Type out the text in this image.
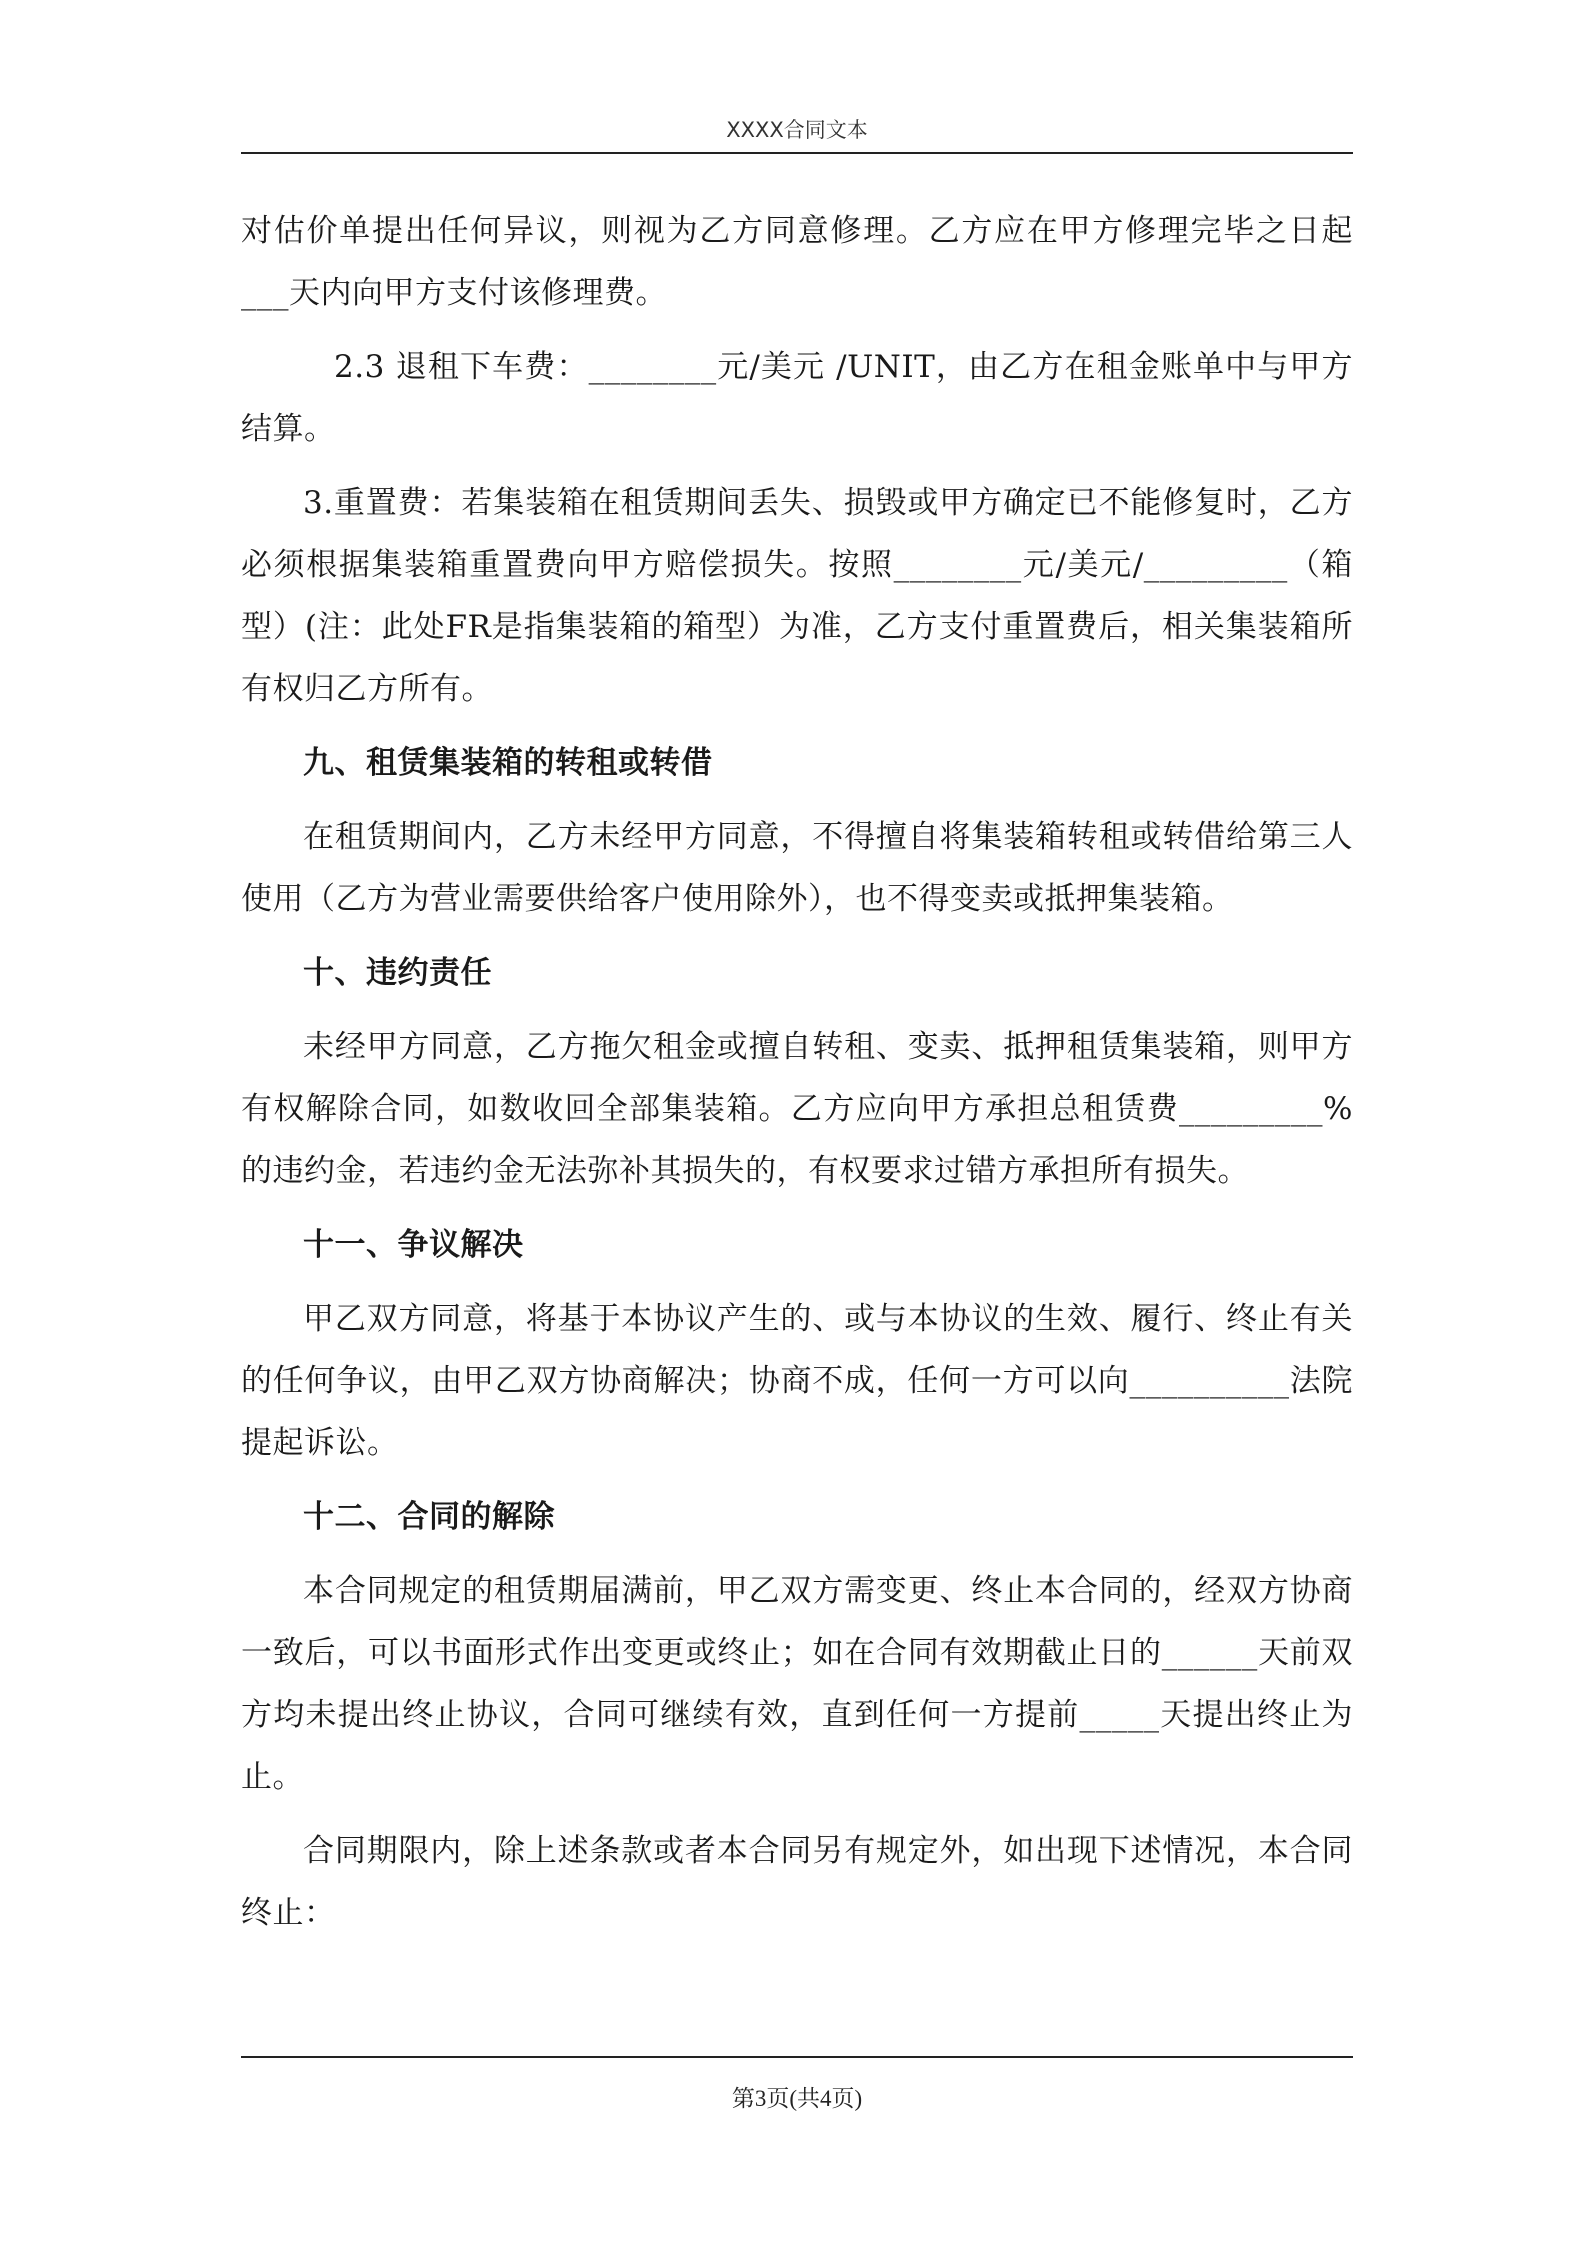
XXXX合同文本

对估价单提出任何异议，则视为乙方同意修理。乙方应在甲方修理完毕之日起___天内向甲方支付该修理费。

2.3 退租下车费：________元/美元 /UNIT，由乙方在租金账单中与甲方结算。

3.重置费：若集装箱在租赁期间丢失、损毁或甲方确定已不能修复时，乙方必须根据集装箱重置费向甲方赔偿损失。按照________元/美元/_________（箱型）(注：此处FR是指集装箱的箱型）为准，乙方支付重置费后，相关集装箱所有权归乙方所有。

九、租赁集装箱的转租或转借

在租赁期间内，乙方未经甲方同意，不得擅自将集装箱转租或转借给第三人使用（乙方为营业需要供给客户使用除外），也不得变卖或抵押集装箱。

十、违约责任

未经甲方同意，乙方拖欠租金或擅自转租、变卖、抵押租赁集装箱，则甲方有权解除合同，如数收回全部集装箱。乙方应向甲方承担总租赁费_________%的违约金，若违约金无法弥补其损失的，有权要求过错方承担所有损失。

十一、争议解决

甲乙双方同意，将基于本协议产生的、或与本协议的生效、履行、终止有关的任何争议，由甲乙双方协商解决；协商不成，任何一方可以向__________法院提起诉讼。

十二、合同的解除

本合同规定的租赁期届满前，甲乙双方需变更、终止本合同的，经双方协商一致后，可以书面形式作出变更或终止；如在合同有效期截止日的______天前双方均未提出终止协议，合同可继续有效，直到任何一方提前_____天提出终止为止。

合同期限内，除上述条款或者本合同另有规定外，如出现下述情况，本合同终止：

第3页(共4页)
